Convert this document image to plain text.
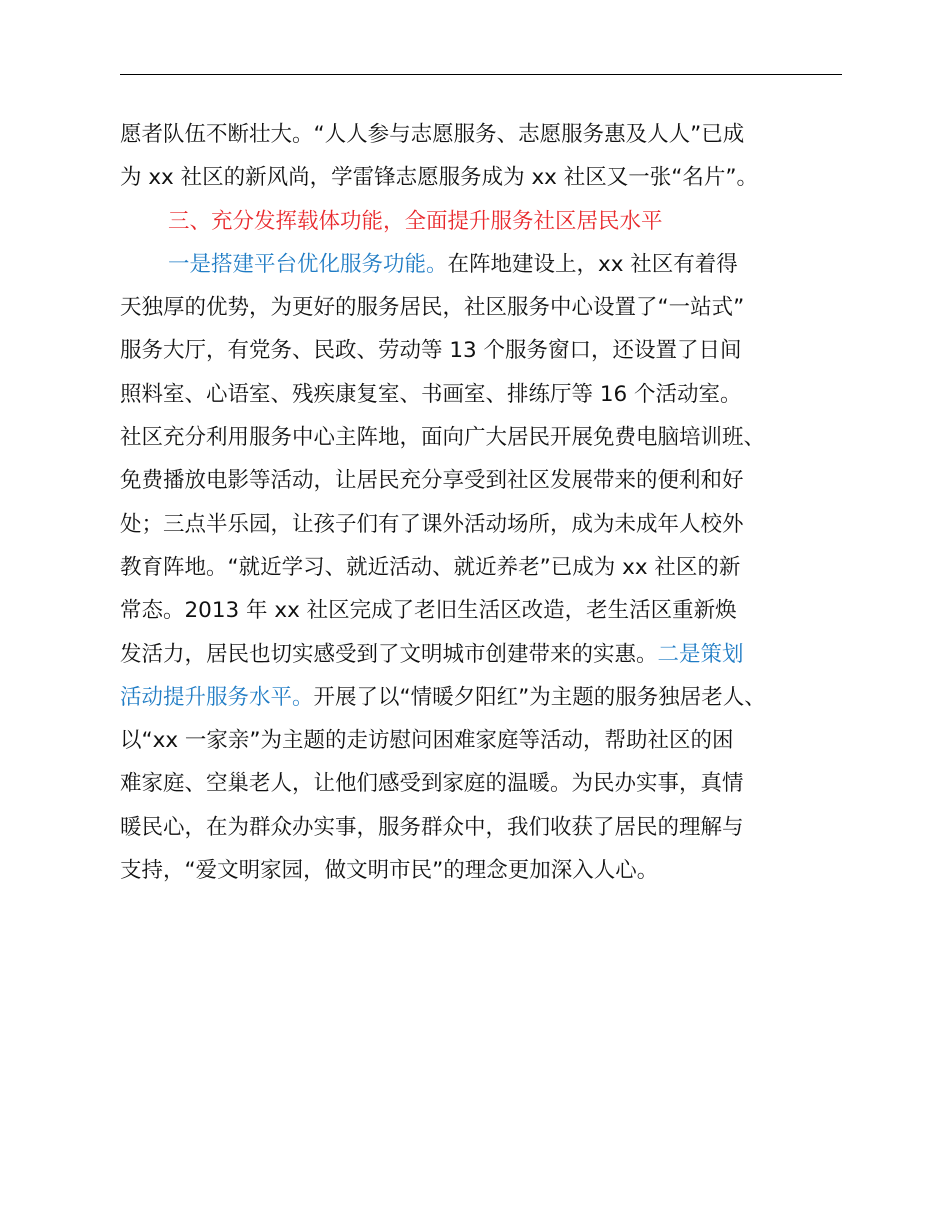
愿者队伍不断壮大。“人人参与志愿服务、志愿服务惠及人人”已成
为 xx 社区的新风尚，学雷锋志愿服务成为 xx 社区又一张“名片”。
三、充分发挥载体功能，全面提升服务社区居民水平
一是搭建平台优化服务功能。在阵地建设上，xx 社区有着得
天独厚的优势，为更好的服务居民，社区服务中心设置了“一站式”
服务大厅，有党务、民政、劳动等 13 个服务窗口，还设置了日间
照料室、心语室、残疾康复室、书画室、排练厅等 16 个活动室。
社区充分利用服务中心主阵地，面向广大居民开展免费电脑培训班、
免费播放电影等活动，让居民充分享受到社区发展带来的便利和好
处；三点半乐园，让孩子们有了课外活动场所，成为未成年人校外
教育阵地。“就近学习、就近活动、就近养老”已成为 xx 社区的新
常态。2013 年 xx 社区完成了老旧生活区改造，老生活区重新焕
发活力，居民也切实感受到了文明城市创建带来的实惠。二是策划
活动提升服务水平。开展了以“情暖夕阳红”为主题的服务独居老人、
以“xx 一家亲”为主题的走访慰问困难家庭等活动，帮助社区的困
难家庭、空巢老人，让他们感受到家庭的温暖。为民办实事，真情
暖民心，在为群众办实事，服务群众中，我们收获了居民的理解与
支持，“爱文明家园，做文明市民”的理念更加深入人心。
